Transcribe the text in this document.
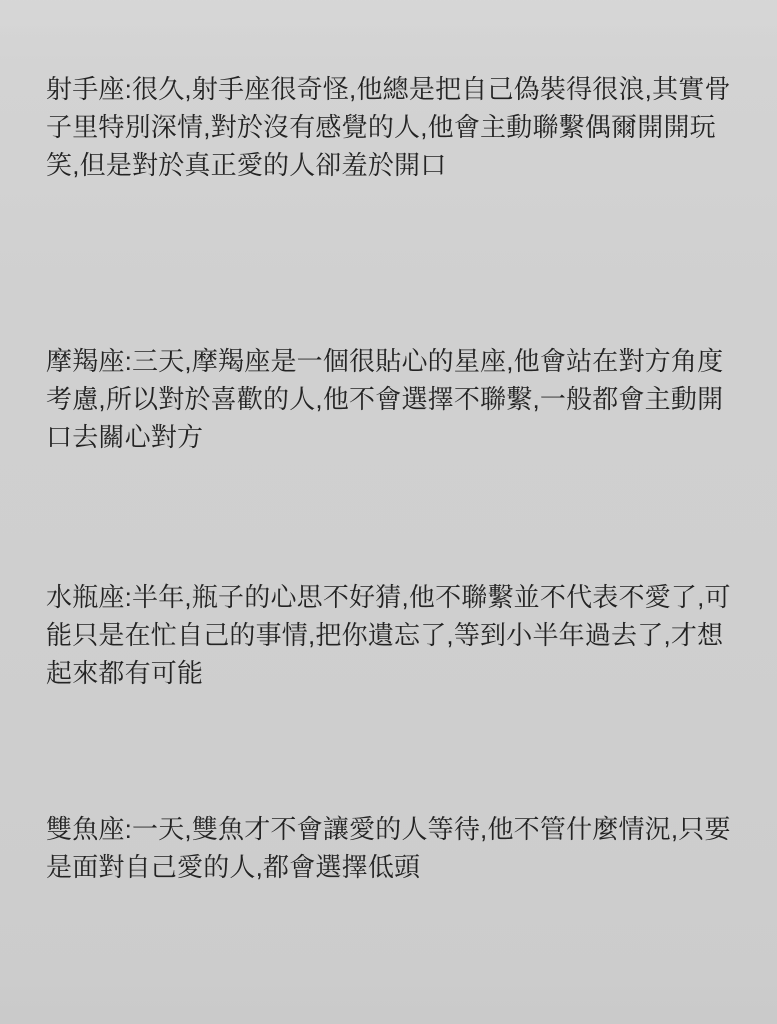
射手座:很久,射手座很奇怪,他總是把自己偽裝得很浪,其實骨子里特別深情,對於沒有感覺的人,他會主動聯繫偶爾開開玩笑,但是對於真正愛的人卻羞於開口

摩羯座:三天,摩羯座是一個很貼心的星座,他會站在對方角度考慮,所以對於喜歡的人,他不會選擇不聯繫,一般都會主動開口去關心對方

水瓶座:半年,瓶子的心思不好猜,他不聯繫並不代表不愛了,可能只是在忙自己的事情,把你遺忘了,等到小半年過去了,才想起來都有可能

雙魚座:一天,雙魚才不會讓愛的人等待,他不管什麼情況,只要是面對自己愛的人,都會選擇低頭
